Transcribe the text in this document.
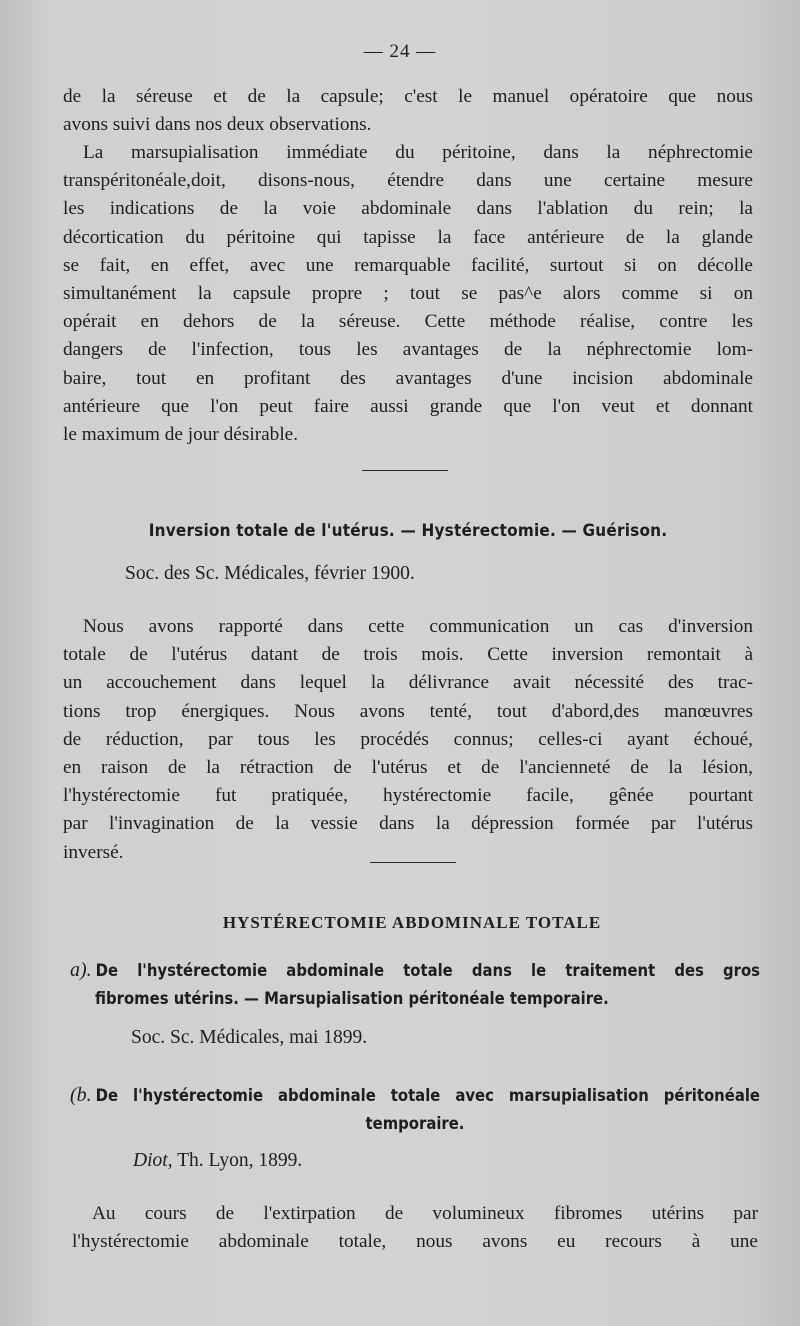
— 24 —
de la séreuse et de la capsule; c'est le manuel opératoire que nous
avons suivi dans nos deux observations.
La marsupialisation immédiate du péritoine, dans la néphrectomie
transpéritonéale,doit, disons-nous, étendre dans une certaine mesure
les indications de la voie abdominale dans l'ablation du rein; la
décortication du péritoine qui tapisse la face antérieure de la glande
se fait, en effet, avec une remarquable facilité, surtout si on décolle
simultanément la capsule propre ; tout se pas^e alors comme si on
opérait en dehors de la séreuse. Cette méthode réalise, contre les
dangers de l'infection, tous les avantages de la néphrectomie lom-
baire, tout en profitant des avantages d'une incision abdominale
antérieure que l'on peut faire aussi grande que l'on veut et donnant
le maximum de jour désirable.
Inversion totale de l'utérus. — Hystérectomie. — Guérison.
Soc. des Sc. Médicales, février 1900.
Nous avons rapporté dans cette communication un cas d'inversion
totale de l'utérus datant de trois mois. Cette inversion remontait à
un accouchement dans lequel la délivrance avait nécessité des trac-
tions trop énergiques. Nous avons tenté, tout d'abord,des manœuvres
de réduction, par tous les procédés connus; celles-ci ayant échoué,
en raison de la rétraction de l'utérus et de l'ancienneté de la lésion,
l'hystérectomie fut pratiquée, hystérectomie facile, gênée pourtant
par l'invagination de la vessie dans la dépression formée par l'utérus
inversé.
HYSTÉRECTOMIE ABDOMINALE TOTALE
a). De l'hystérectomie abdominale totale dans le traitement des gros
fibromes utérins. — Marsupialisation péritonéale temporaire.
Soc. Sc. Médicales, mai 1899.
(b. De l'hystérectomie abdominale totale avec marsupialisation péritonéale
temporaire.
Diot, Th. Lyon, 1899.
Au cours de l'extirpation de volumineux fibromes utérins par
l'hystérectomie abdominale totale, nous avons eu recours à une
